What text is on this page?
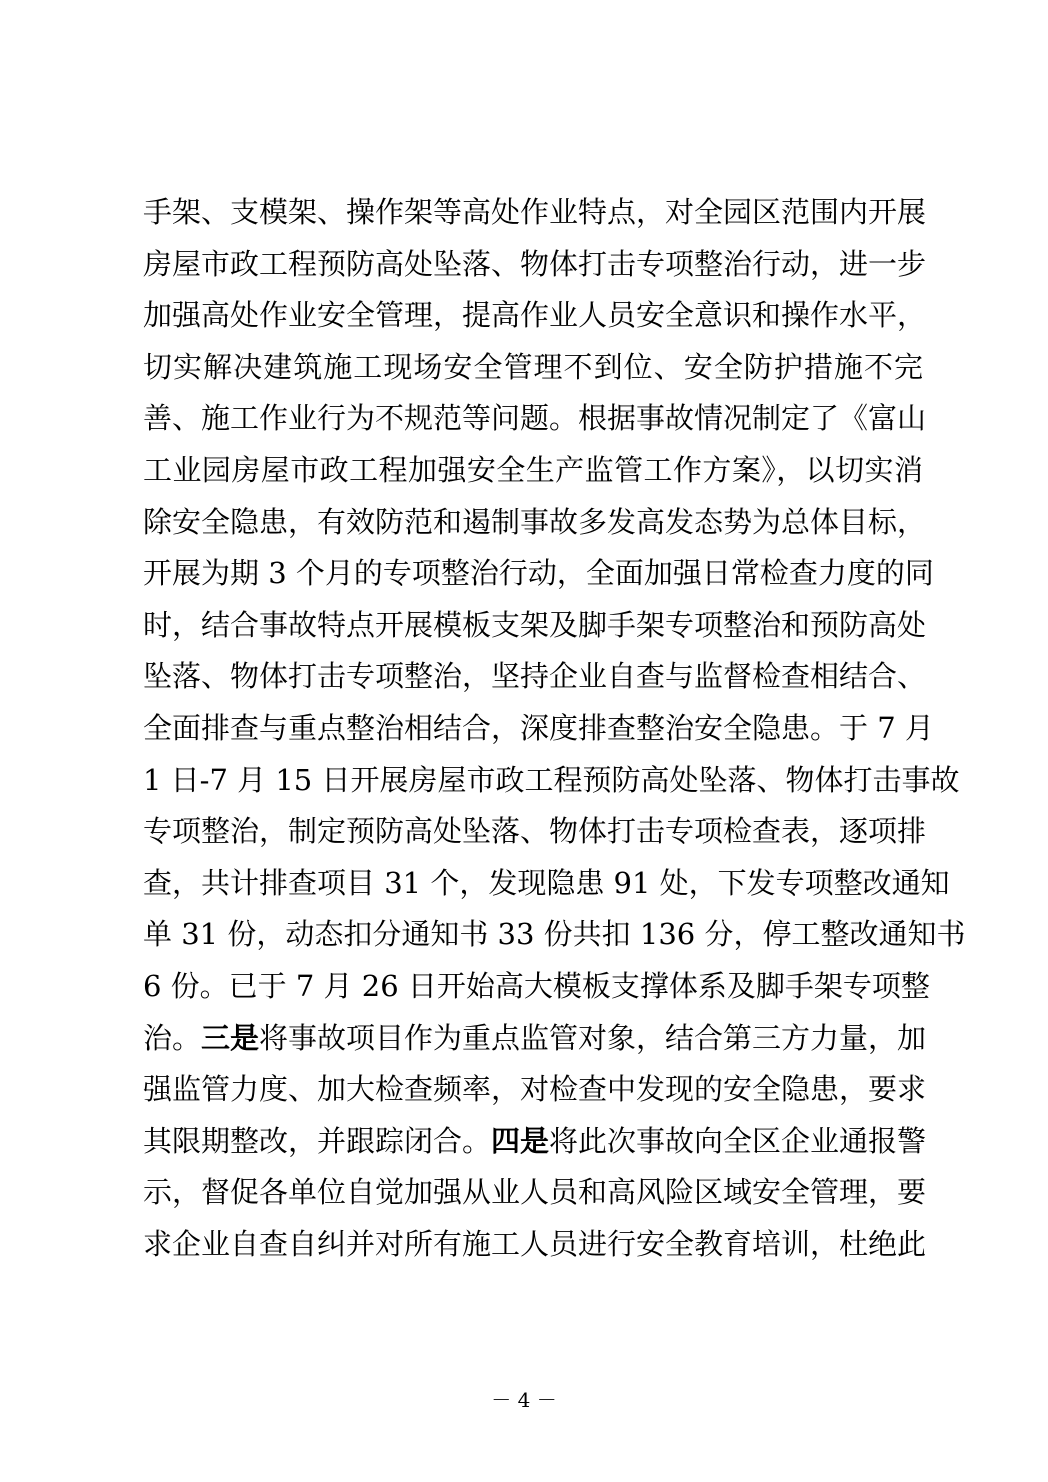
手架、支模架、操作架等高处作业特点，对全园区范围内开展
房屋市政工程预防高处坠落、物体打击专项整治行动，进一步
加强高处作业安全管理，提高作业人员安全意识和操作水平，
切实解决建筑施工现场安全管理不到位、安全防护措施不完
善、施工作业行为不规范等问题。根据事故情况制定了《富山
工业园房屋市政工程加强安全生产监管工作方案》，以切实消
除安全隐患，有效防范和遏制事故多发高发态势为总体目标，
开展为期 3 个月的专项整治行动，全面加强日常检查力度的同
时，结合事故特点开展模板支架及脚手架专项整治和预防高处
坠落、物体打击专项整治，坚持企业自查与监督检查相结合、
全面排查与重点整治相结合，深度排查整治安全隐患。于 7 月
1 日-7 月 15 日开展房屋市政工程预防高处坠落、物体打击事故
专项整治，制定预防高处坠落、物体打击专项检查表，逐项排
查，共计排查项目 31 个，发现隐患 91 处，下发专项整改通知
单 31 份，动态扣分通知书 33 份共扣 136 分，停工整改通知书
6 份。已于 7 月 26 日开始高大模板支撑体系及脚手架专项整
治。三是将事故项目作为重点监管对象，结合第三方力量，加
强监管力度、加大检查频率，对检查中发现的安全隐患，要求
其限期整改，并跟踪闭合。四是将此次事故向全区企业通报警
示，督促各单位自觉加强从业人员和高风险区域安全管理，要
求企业自查自纠并对所有施工人员进行安全教育培训，杜绝此
－ 4 －
